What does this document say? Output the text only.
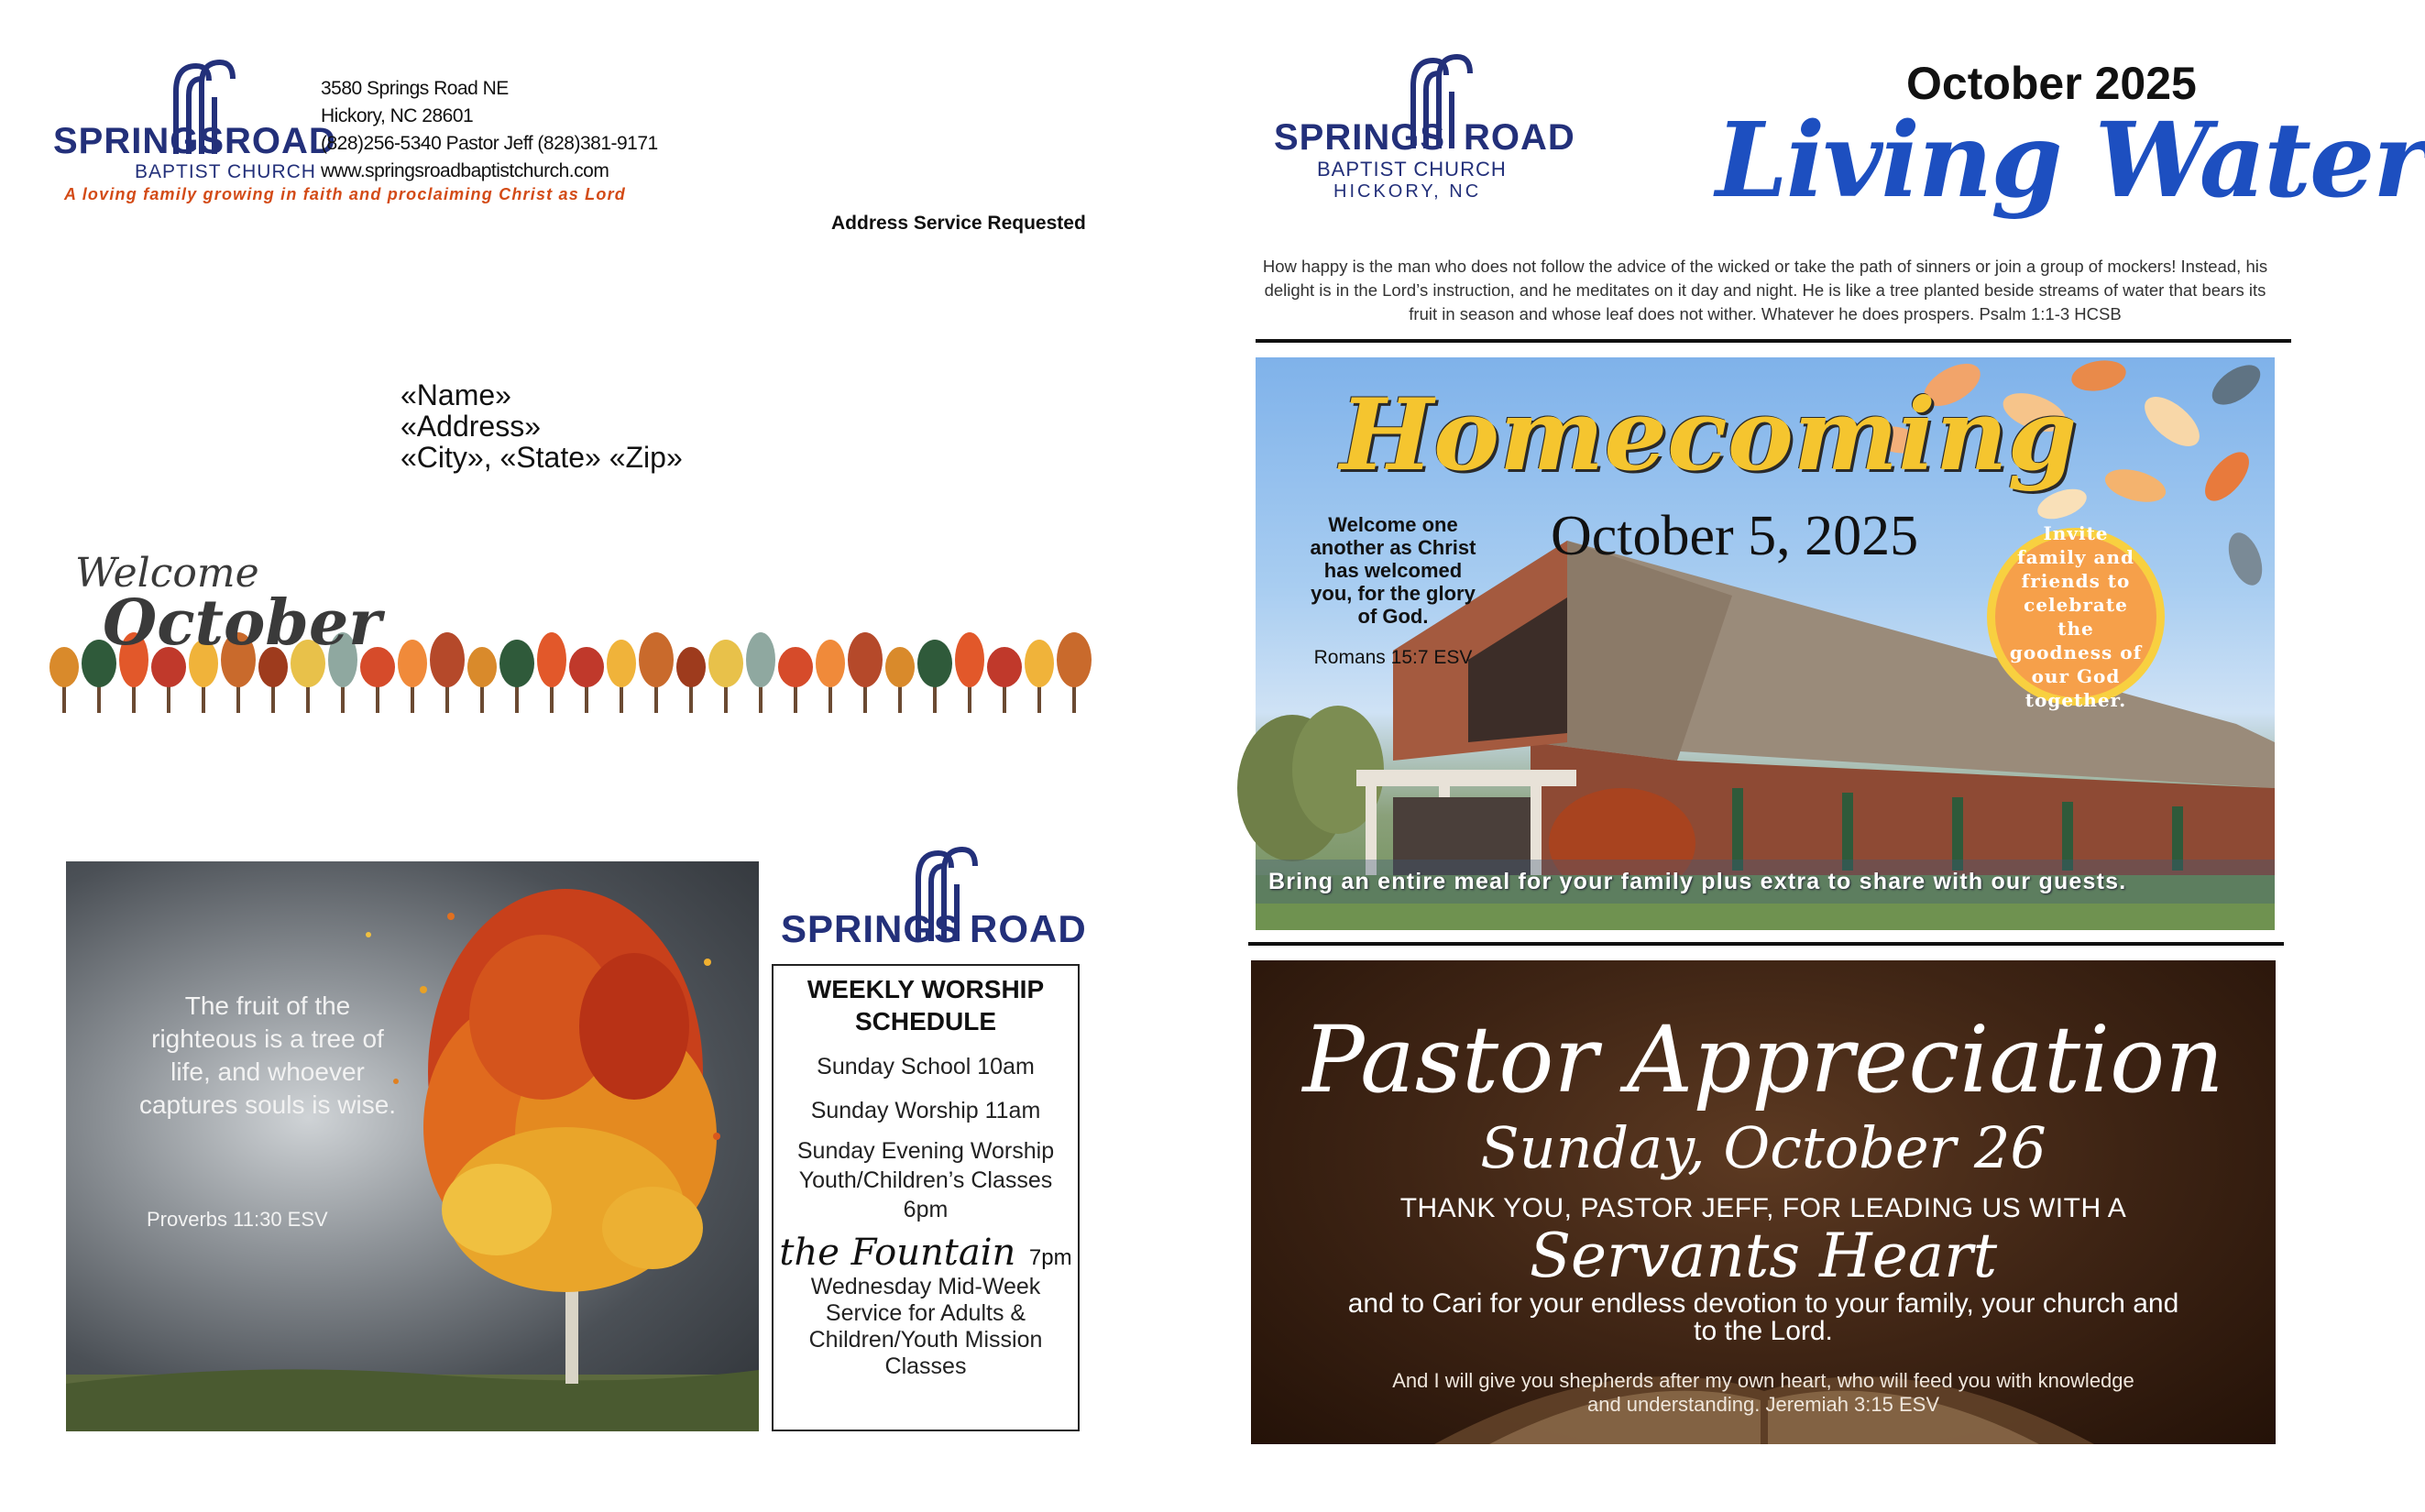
SPRINGS ROAD
BAPTIST CHURCH
3580 Springs Road NE
Hickory, NC 28601
(828)256-5340 Pastor Jeff (828)381-9171
www.springsroadbaptistchurch.com
A loving family growing in faith and proclaiming Christ as Lord
Address Service Requested
«Name»
«Address»
«City», «State» «Zip»
Welcome
October
The fruit of the righteous is a tree of life, and whoever captures souls is wise.
Proverbs 11:30 ESV
SPRINGS ROAD
WEEKLY WORSHIP SCHEDULE
Sunday School 10am
Sunday Worship 11am
Sunday Evening Worship Youth/Children’s Classes 6pm
the Fountain 7pm
Wednesday Mid-Week Service for Adults & Children/Youth Mission Classes
SPRINGS ROAD
BAPTIST CHURCH
HICKORY, NC
October 2025
Living Water
How happy is the man who does not follow the advice of the wicked or take the path of sinners or join a group of mockers! Instead, his delight is in the Lord’s instruction, and he meditates on it day and night. He is like a tree planted beside streams of water that bears its fruit in season and whose leaf does not wither. Whatever he does prospers. Psalm 1:1-3 HCSB
Homecoming
October 5, 2025
Welcome one another as Christ has welcomed you, for the glory of God.
Romans 15:7 ESV
Invite family and friends to celebrate the goodness of our God together.
Bring an entire meal for your family plus extra to share with our guests.
Pastor Appreciation
Sunday, October 26
THANK YOU, PASTOR JEFF, FOR LEADING US WITH A
Servants Heart
and to Cari for your endless devotion to your family, your church and to the Lord.
And I will give you shepherds after my own heart, who will feed you with knowledge and understanding. Jeremiah 3:15 ESV
